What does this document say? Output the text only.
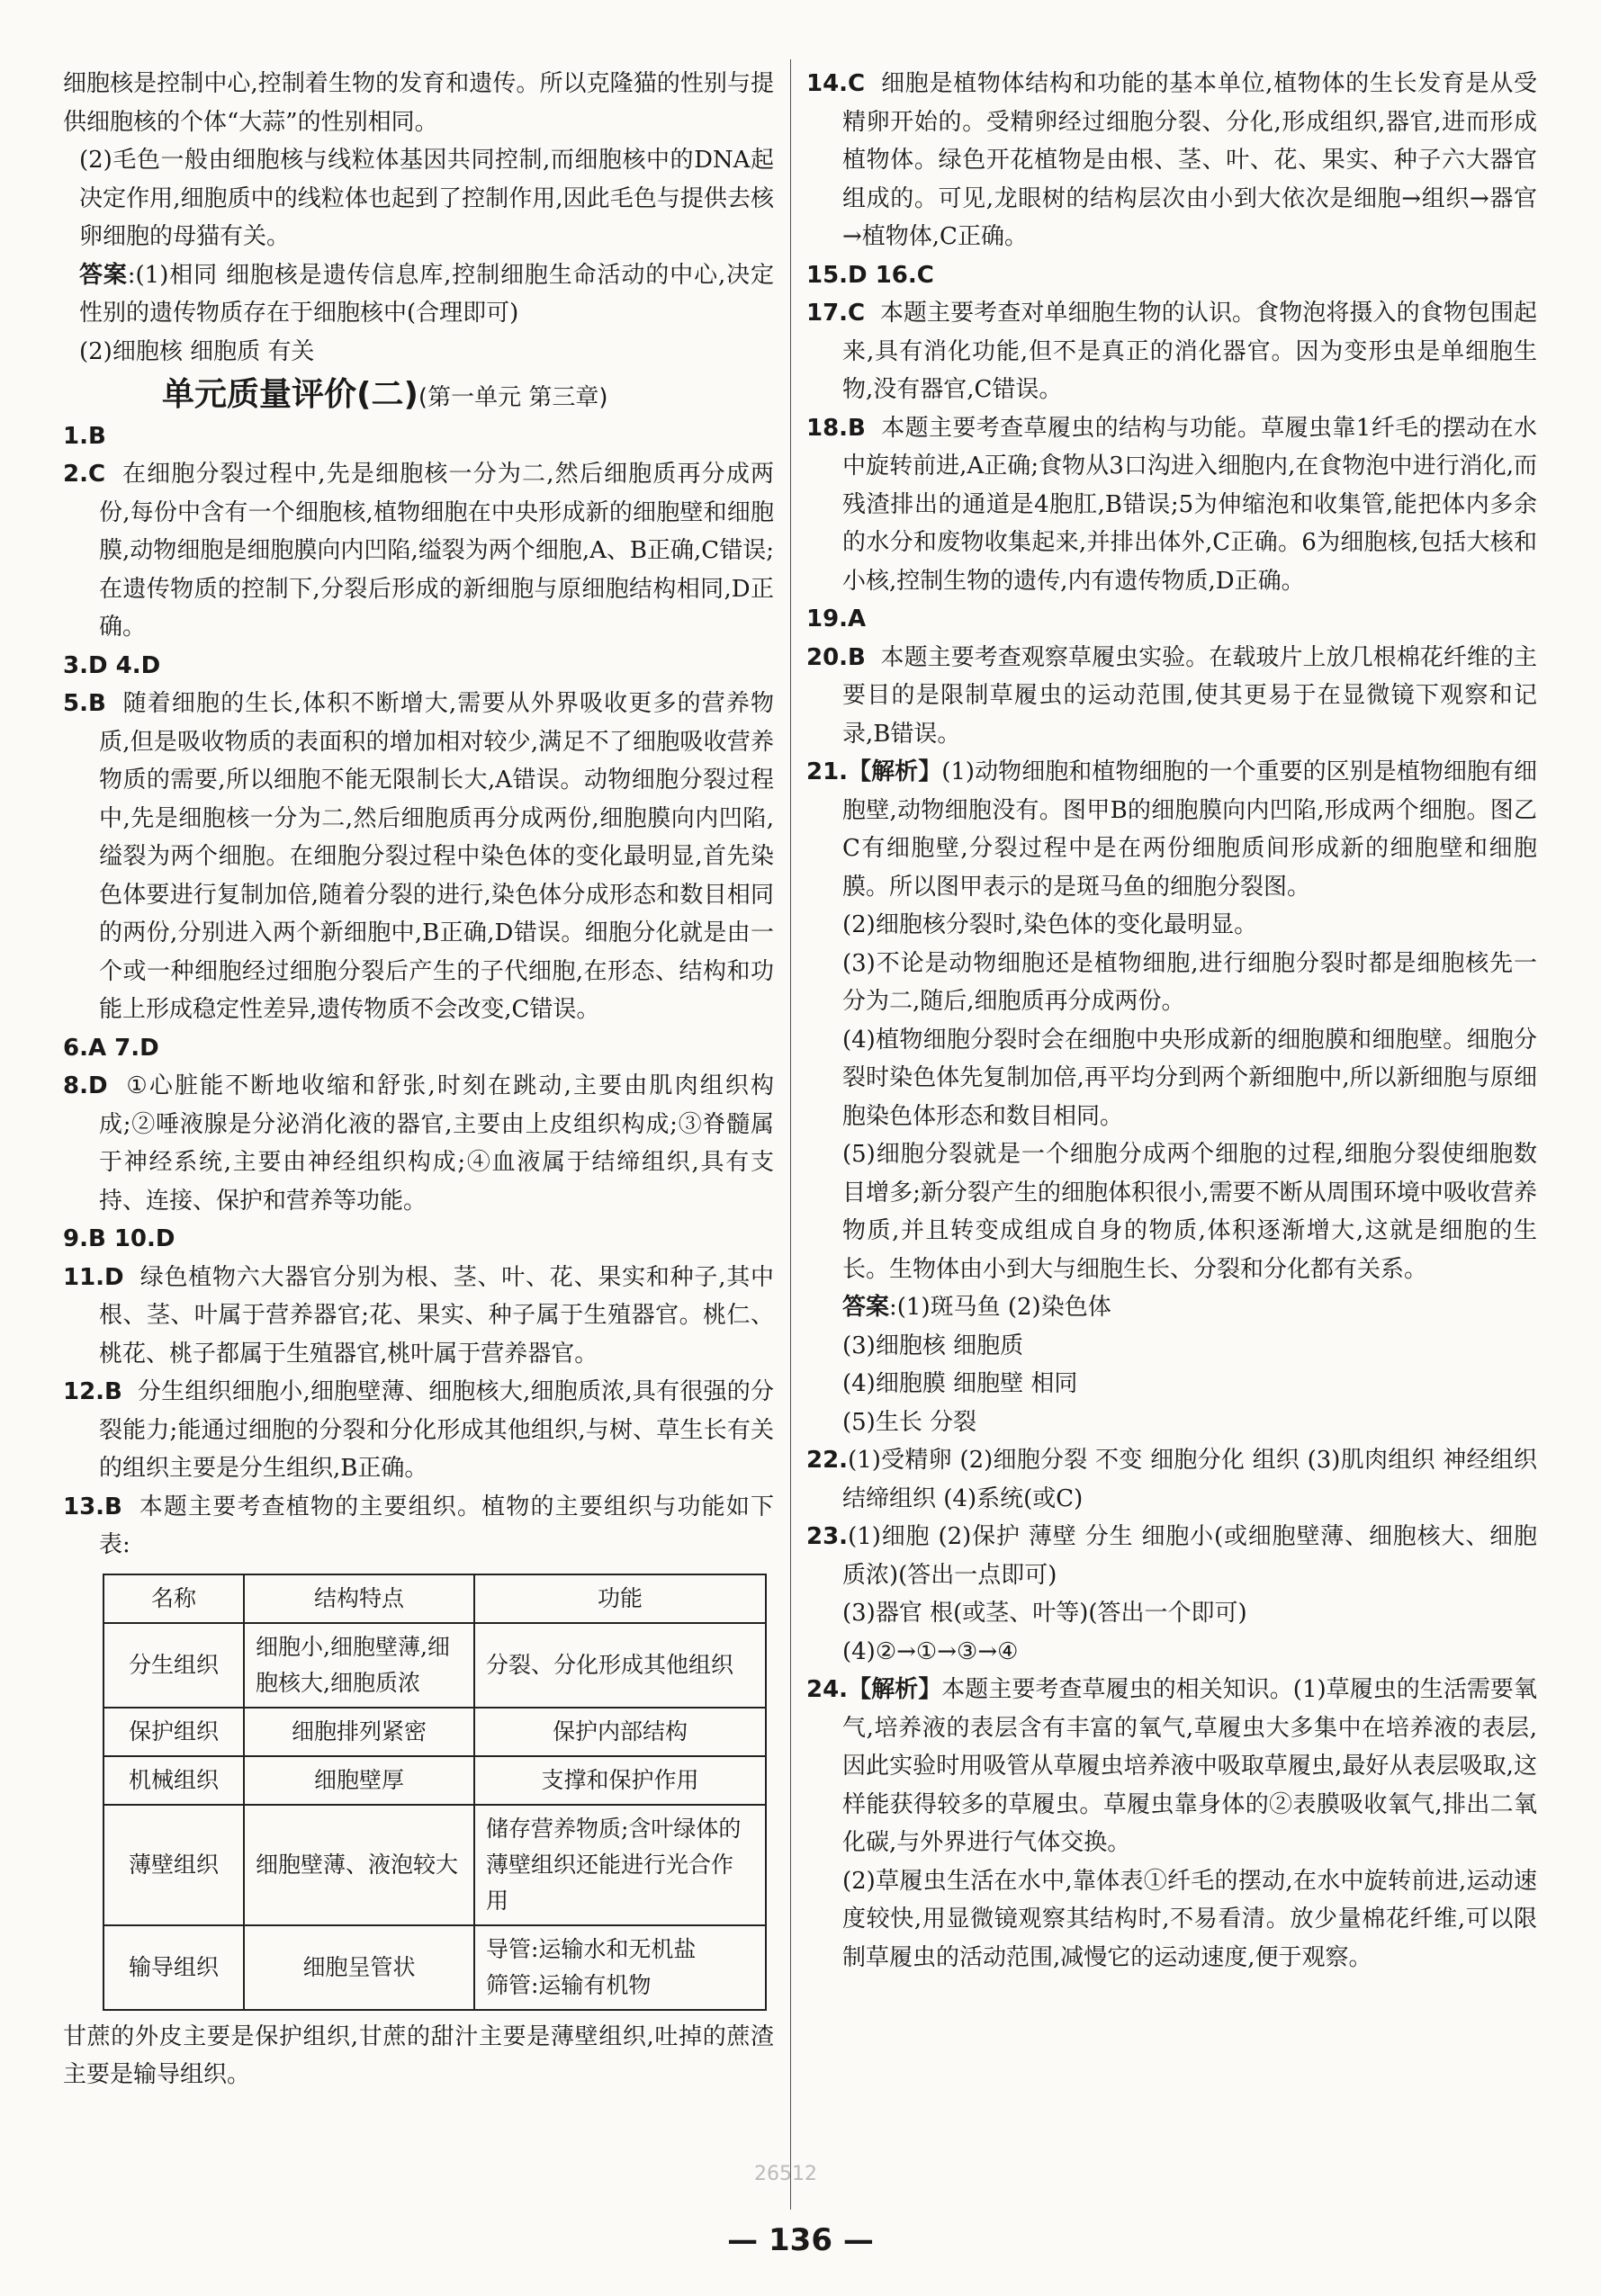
细胞核是控制中心,控制着生物的发育和遗传。所以克隆猫的性别与提供细胞核的个体“大蒜”的性别相同。

(2)毛色一般由细胞核与线粒体基因共同控制,而细胞核中的DNA起决定作用,细胞质中的线粒体也起到了控制作用,因此毛色与提供去核卵细胞的母猫有关。

答案:(1)相同 细胞核是遗传信息库,控制细胞生命活动的中心,决定性别的遗传物质存在于细胞核中(合理即可)

(2)细胞核 细胞质 有关

单元质量评价(二)(第一单元 第三章)

1.B

2.C 在细胞分裂过程中,先是细胞核一分为二,然后细胞质再分成两份,每份中含有一个细胞核,植物细胞在中央形成新的细胞壁和细胞膜,动物细胞是细胞膜向内凹陷,缢裂为两个细胞,A、B正确,C错误;在遗传物质的控制下,分裂后形成的新细胞与原细胞结构相同,D正确。

3.D 4.D

5.B 随着细胞的生长,体积不断增大,需要从外界吸收更多的营养物质,但是吸收物质的表面积的增加相对较少,满足不了细胞吸收营养物质的需要,所以细胞不能无限制长大,A错误。动物细胞分裂过程中,先是细胞核一分为二,然后细胞质再分成两份,细胞膜向内凹陷,缢裂为两个细胞。在细胞分裂过程中染色体的变化最明显,首先染色体要进行复制加倍,随着分裂的进行,染色体分成形态和数目相同的两份,分别进入两个新细胞中,B正确,D错误。细胞分化就是由一个或一种细胞经过细胞分裂后产生的子代细胞,在形态、结构和功能上形成稳定性差异,遗传物质不会改变,C错误。

6.A 7.D

8.D ①心脏能不断地收缩和舒张,时刻在跳动,主要由肌肉组织构成;②唾液腺是分泌消化液的器官,主要由上皮组织构成;③脊髓属于神经系统,主要由神经组织构成;④血液属于结缔组织,具有支持、连接、保护和营养等功能。

9.B 10.D

11.D 绿色植物六大器官分别为根、茎、叶、花、果实和种子,其中根、茎、叶属于营养器官;花、果实、种子属于生殖器官。桃仁、桃花、桃子都属于生殖器官,桃叶属于营养器官。

12.B 分生组织细胞小,细胞壁薄、细胞核大,细胞质浓,具有很强的分裂能力;能通过细胞的分裂和分化形成其他组织,与树、草生长有关的组织主要是分生组织,B正确。

13.B 本题主要考查植物的主要组织。植物的主要组织与功能如下表:

名称	结构特点	功能
分生组织	细胞小,细胞壁薄,细胞核大,细胞质浓	分裂、分化形成其他组织
保护组织	细胞排列紧密	保护内部结构
机械组织	细胞壁厚	支撑和保护作用
薄壁组织	细胞壁薄、液泡较大	储存营养物质;含叶绿体的薄壁组织还能进行光合作用
输导组织	细胞呈管状	导管:运输水和无机盐
筛管:运输有机物

甘蔗的外皮主要是保护组织,甘蔗的甜汁主要是薄壁组织,吐掉的蔗渣主要是输导组织。

14.C 细胞是植物体结构和功能的基本单位,植物体的生长发育是从受精卵开始的。受精卵经过细胞分裂、分化,形成组织,器官,进而形成植物体。绿色开花植物是由根、茎、叶、花、果实、种子六大器官组成的。可见,龙眼树的结构层次由小到大依次是细胞→组织→器官→植物体,C正确。

15.D 16.C

17.C 本题主要考查对单细胞生物的认识。食物泡将摄入的食物包围起来,具有消化功能,但不是真正的消化器官。因为变形虫是单细胞生物,没有器官,C错误。

18.B 本题主要考查草履虫的结构与功能。草履虫靠1纤毛的摆动在水中旋转前进,A正确;食物从3口沟进入细胞内,在食物泡中进行消化,而残渣排出的通道是4胞肛,B错误;5为伸缩泡和收集管,能把体内多余的水分和废物收集起来,并排出体外,C正确。6为细胞核,包括大核和小核,控制生物的遗传,内有遗传物质,D正确。

19.A

20.B 本题主要考查观察草履虫实验。在载玻片上放几根棉花纤维的主要目的是限制草履虫的运动范围,使其更易于在显微镜下观察和记录,B错误。

21.【解析】(1)动物细胞和植物细胞的一个重要的区别是植物细胞有细胞壁,动物细胞没有。图甲B的细胞膜向内凹陷,形成两个细胞。图乙C有细胞壁,分裂过程中是在两份细胞质间形成新的细胞壁和细胞膜。所以图甲表示的是斑马鱼的细胞分裂图。

(2)细胞核分裂时,染色体的变化最明显。

(3)不论是动物细胞还是植物细胞,进行细胞分裂时都是细胞核先一分为二,随后,细胞质再分成两份。

(4)植物细胞分裂时会在细胞中央形成新的细胞膜和细胞壁。细胞分裂时染色体先复制加倍,再平均分到两个新细胞中,所以新细胞与原细胞染色体形态和数目相同。

(5)细胞分裂就是一个细胞分成两个细胞的过程,细胞分裂使细胞数目增多;新分裂产生的细胞体积很小,需要不断从周围环境中吸收营养物质,并且转变成组成自身的物质,体积逐渐增大,这就是细胞的生长。生物体由小到大与细胞生长、分裂和分化都有关系。

答案:(1)斑马鱼 (2)染色体

(3)细胞核 细胞质

(4)细胞膜 细胞壁 相同

(5)生长 分裂

22.(1)受精卵 (2)细胞分裂 不变 细胞分化 组织 (3)肌肉组织 神经组织 结缔组织 (4)系统(或C)

23.(1)细胞 (2)保护 薄壁 分生 细胞小(或细胞壁薄、细胞核大、细胞质浓)(答出一点即可)

(3)器官 根(或茎、叶等)(答出一个即可)

(4)②→①→③→④

24.【解析】本题主要考查草履虫的相关知识。(1)草履虫的生活需要氧气,培养液的表层含有丰富的氧气,草履虫大多集中在培养液的表层,因此实验时用吸管从草履虫培养液中吸取草履虫,最好从表层吸取,这样能获得较多的草履虫。草履虫靠身体的②表膜吸收氧气,排出二氧化碳,与外界进行气体交换。

(2)草履虫生活在水中,靠体表①纤毛的摆动,在水中旋转前进,运动速度较快,用显微镜观察其结构时,不易看清。放少量棉花纤维,可以限制草履虫的活动范围,减慢它的运动速度,便于观察。

26512
— 136 —
